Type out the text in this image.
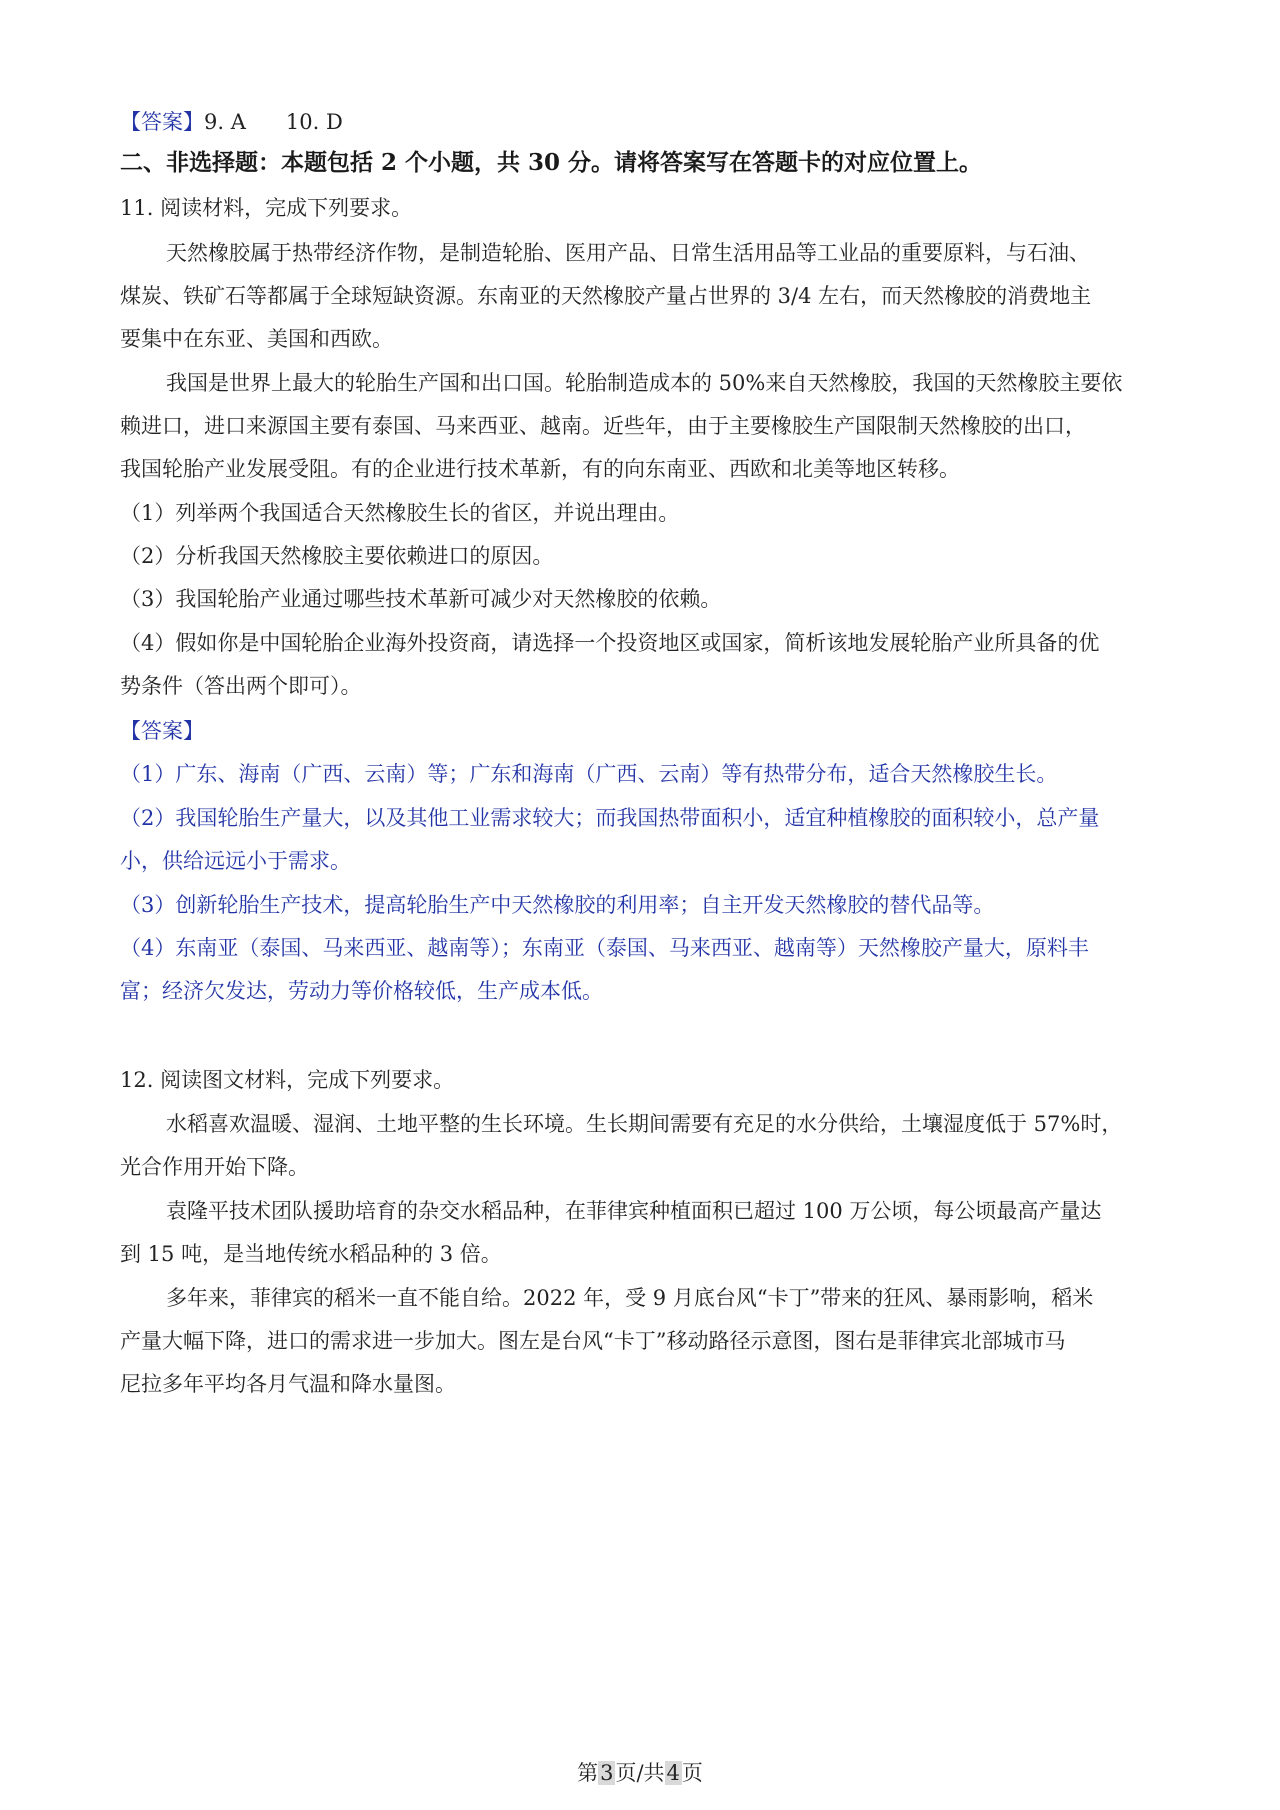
【答案】9. A 10. D
二、非选择题：本题包括 2 个小题，共 30 分。请将答案写在答题卡的对应位置上。
11. 阅读材料，完成下列要求。
天然橡胶属于热带经济作物，是制造轮胎、医用产品、日常生活用品等工业品的重要原料，与石油、
煤炭、铁矿石等都属于全球短缺资源。东南亚的天然橡胶产量占世界的 3/4 左右，而天然橡胶的消费地主
要集中在东亚、美国和西欧。
我国是世界上最大的轮胎生产国和出口国。轮胎制造成本的 50%来自天然橡胶，我国的天然橡胶主要依
赖进口，进口来源国主要有泰国、马来西亚、越南。近些年，由于主要橡胶生产国限制天然橡胶的出口，
我国轮胎产业发展受阻。有的企业进行技术革新，有的向东南亚、西欧和北美等地区转移。
（1）列举两个我国适合天然橡胶生长的省区，并说出理由。
（2）分析我国天然橡胶主要依赖进口的原因。
（3）我国轮胎产业通过哪些技术革新可减少对天然橡胶的依赖。
（4）假如你是中国轮胎企业海外投资商，请选择一个投资地区或国家，简析该地发展轮胎产业所具备的优
势条件（答出两个即可）。
【答案】
（1）广东、海南（广西、云南）等；广东和海南（广西、云南）等有热带分布，适合天然橡胶生长。
（2）我国轮胎生产量大，以及其他工业需求较大；而我国热带面积小，适宜种植橡胶的面积较小，总产量
小，供给远远小于需求。
（3）创新轮胎生产技术，提高轮胎生产中天然橡胶的利用率；自主开发天然橡胶的替代品等。
（4）东南亚（泰国、马来西亚、越南等）；东南亚（泰国、马来西亚、越南等）天然橡胶产量大，原料丰
富；经济欠发达，劳动力等价格较低，生产成本低。
12. 阅读图文材料，完成下列要求。
水稻喜欢温暖、湿润、土地平整的生长环境。生长期间需要有充足的水分供给，土壤湿度低于 57%时，
光合作用开始下降。
袁隆平技术团队援助培育的杂交水稻品种，在菲律宾种植面积已超过 100 万公顷，每公顷最高产量达
到 15 吨，是当地传统水稻品种的 3 倍。
多年来，菲律宾的稻米一直不能自给。2022 年，受 9 月底台风“卡丁”带来的狂风、暴雨影响，稻米
产量大幅下降，进口的需求进一步加大。图左是台风“卡丁”移动路径示意图，图右是菲律宾北部城市马
尼拉多年平均各月气温和降水量图。
第3页/共4页
